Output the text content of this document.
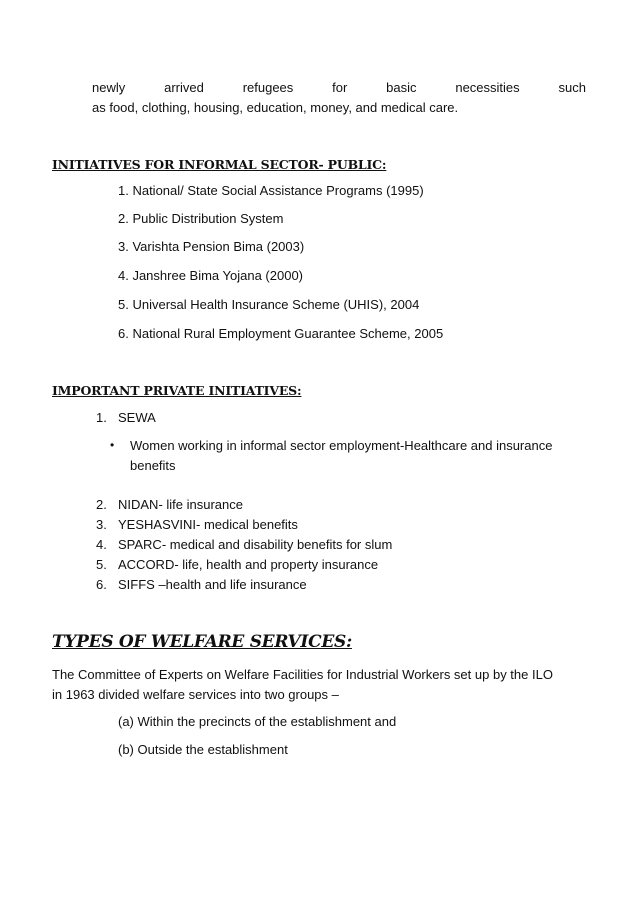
newly	arrived	refugees	for	basic	necessities	such
as food, clothing, housing, education, money, and medical care.
INITIATIVES FOR INFORMAL SECTOR- PUBLIC:
1. National/ State Social Assistance Programs (1995)
2. Public Distribution System
3. Varishta Pension Bima (2003)
4. Janshree Bima Yojana (2000)
5. Universal Health Insurance Scheme (UHIS), 2004
6. National Rural Employment Guarantee Scheme, 2005
IMPORTANT PRIVATE INITIATIVES:
1. SEWA
• Women working in informal sector employment-Healthcare and insurance
benefits
2. NIDAN- life insurance
3. YESHASVINI- medical benefits
4. SPARC- medical and disability benefits for slum
5. ACCORD- life, health and property insurance
6. SIFFS –health and life insurance
TYPES OF WELFARE SERVICES:
The Committee of Experts on Welfare Facilities for Industrial Workers set up by the ILO
in 1963 divided welfare services into two groups –
(a) Within the precincts of the establishment and
(b) Outside the establishment
